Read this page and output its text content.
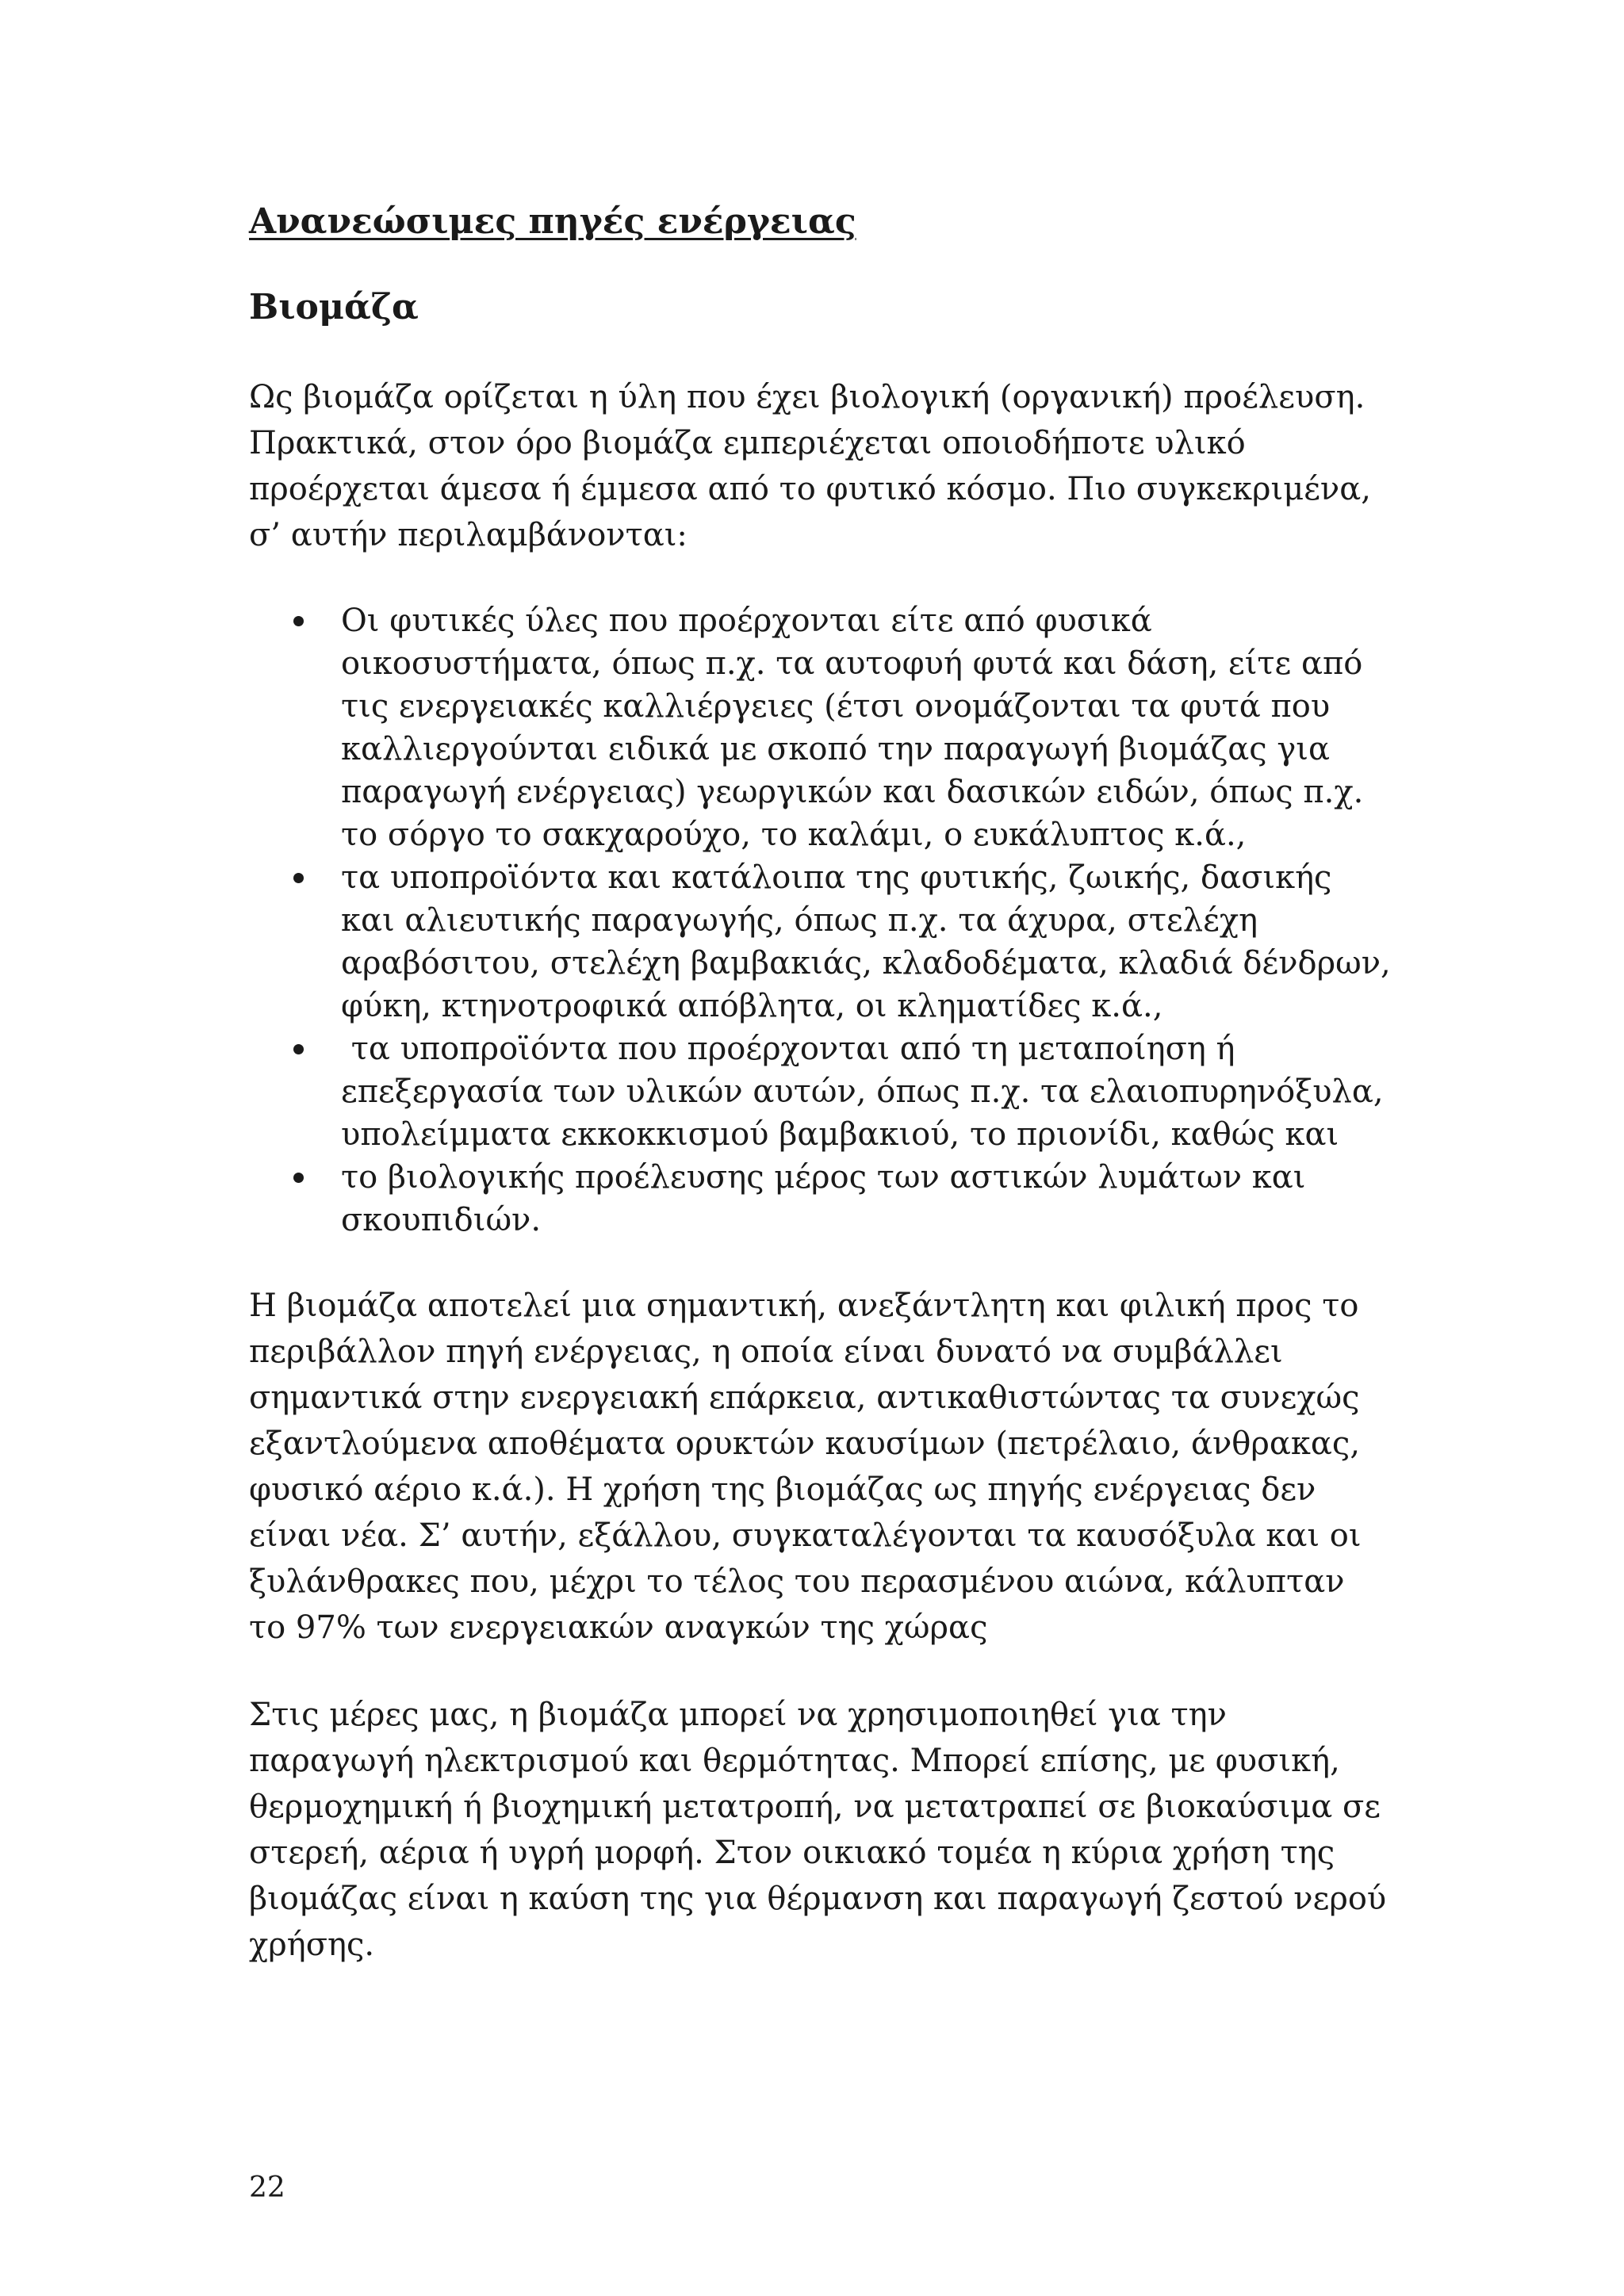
Ανανεώσιμες πηγές ενέργειας
Βιομάζα

Ως βιομάζα ορίζεται η ύλη που έχει βιολογική (οργανική) προέλευση. Πρακτικά, στον όρο βιομάζα εμπεριέχεται οποιοδήποτε υλικό προέρχεται άμεσα ή έμμεσα από το φυτικό κόσμο. Πιο συγκεκριμένα, σ’ αυτήν περιλαμβάνονται:

Οι φυτικές ύλες που προέρχονται είτε από φυσικά οικοσυστήματα, όπως π.χ. τα αυτοφυή φυτά και δάση, είτε από τις ενεργειακές καλλιέργειες (έτσι ονομάζονται τα φυτά που καλλιεργούνται ειδικά με σκοπό την παραγωγή βιομάζας για παραγωγή ενέργειας) γεωργικών και δασικών ειδών, όπως π.χ. το σόργο το σακχαρούχο, το καλάμι, ο ευκάλυπτος κ.ά.,
τα υποπροϊόντα και κατάλοιπα της φυτικής, ζωικής, δασικής και αλιευτικής παραγωγής, όπως π.χ. τα άχυρα, στελέχη αραβόσιτου, στελέχη βαμβακιάς, κλαδοδέματα, κλαδιά δένδρων, φύκη, κτηνοτροφικά απόβλητα, οι κληματίδες κ.ά.,
τα υποπροϊόντα που προέρχονται από τη μεταποίηση ή επεξεργασία των υλικών αυτών, όπως π.χ. τα ελαιοπυρηνόξυλα, υπολείμματα εκκοκκισμού βαμβακιού, το πριονίδι, καθώς και
το βιολογικής προέλευσης μέρος των αστικών λυμάτων και σκουπιδιών.

Η βιομάζα αποτελεί μια σημαντική, ανεξάντλητη και φιλική προς το περιβάλλον πηγή ενέργειας, η οποία είναι δυνατό να συμβάλλει σημαντικά στην ενεργειακή επάρκεια, αντικαθιστώντας τα συνεχώς εξαντλούμενα αποθέματα ορυκτών καυσίμων (πετρέλαιο, άνθρακας, φυσικό αέριο κ.ά.). Η χρήση της βιομάζας ως πηγής ενέργειας δεν είναι νέα. Σ’ αυτήν, εξάλλου, συγκαταλέγονται τα καυσόξυλα και οι ξυλάνθρακες που, μέχρι το τέλος του περασμένου αιώνα, κάλυπταν το 97% των ενεργειακών αναγκών της χώρας

Στις μέρες μας, η βιομάζα μπορεί να χρησιμοποιηθεί για την παραγωγή ηλεκτρισμού και θερμότητας. Μπορεί επίσης, με φυσική, θερμοχημική ή βιοχημική μετατροπή, να μετατραπεί σε βιοκαύσιμα σε στερεή, αέρια ή υγρή μορφή. Στον οικιακό τομέα η κύρια χρήση της βιομάζας είναι η καύση της για θέρμανση και παραγωγή ζεστού νερού χρήσης.

22
